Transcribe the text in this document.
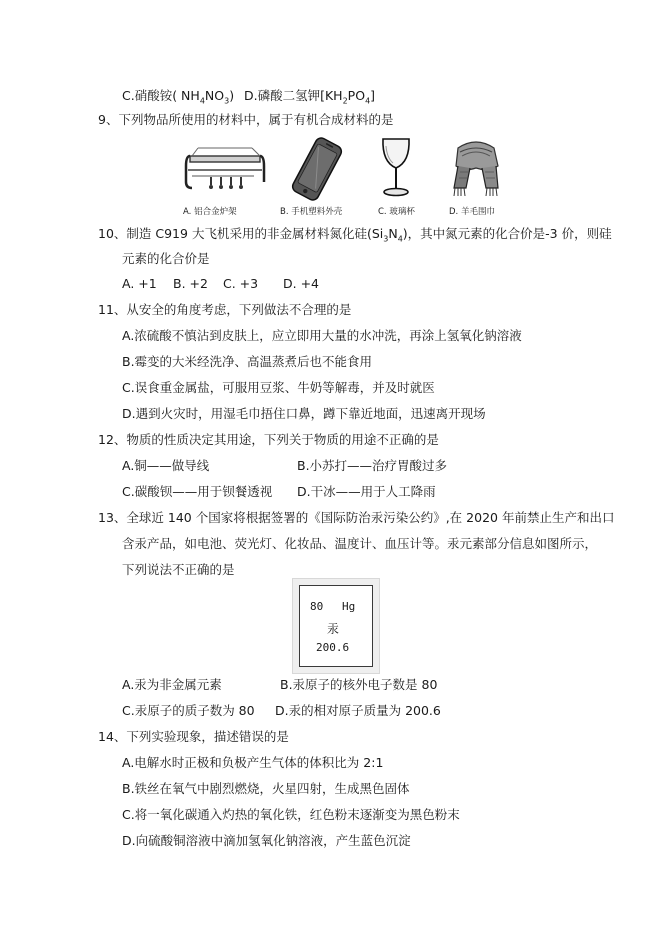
C.硝酸铵( $NH_4NO_3$) D.磷酸二氢钾$[KH_2PO_4]$
9、下列物品所使用的材料中，属于有机合成材料的是
A. 铝合金炉架	B. 手机塑料外壳	C. 玻璃杯	D. 羊毛围巾
10、制造 C919 大飞机采用的非金属材料氮化硅$(Si_3N_4)$，其中氮元素的化合价是-3 价，则硅
元素的化合价是
A. +1 B. +2 C. +3 D. +4
11、从安全的角度考虑，下列做法不合理的是
A.浓硫酸不慎沾到皮肤上，应立即用大量的水冲洗，再涂上氢氧化钠溶液
B.霉变的大米经洗净、高温蒸煮后也不能食用
C.误食重金属盐，可服用豆浆、牛奶等解毒，并及时就医
D.遇到火灾时，用湿毛巾捂住口鼻，蹲下靠近地面，迅速离开现场
12、物质的性质决定其用途，下列关于物质的用途不正确的是
A.铜——做导线	B.小苏打——治疗胃酸过多
C.碳酸钡——用于钡餐透视 D.干冰——用于人工降雨
13、全球近 140 个国家将根据签署的《国际防治汞污染公约》,在 2020 年前禁止生产和出口
含汞产品，如电池、荧光灯、化妆品、温度计、血压计等。汞元素部分信息如图所示，
下列说法不正确的是
80 Hg
汞
200.6
A.汞为非金属元素	B.汞原子的核外电子数是 80
C.汞原子的质子数为 80 D.汞的相对原子质量为 200.6
14、下列实验现象，描述错误的是
A.电解水时正极和负极产生气体的体积比为 2:1
B.铁丝在氧气中剧烈燃烧，火星四射，生成黑色固体
C.将一氧化碳通入灼热的氧化铁，红色粉末逐渐变为黑色粉末
D.向硫酸铜溶液中滴加氢氧化钠溶液，产生蓝色沉淀
